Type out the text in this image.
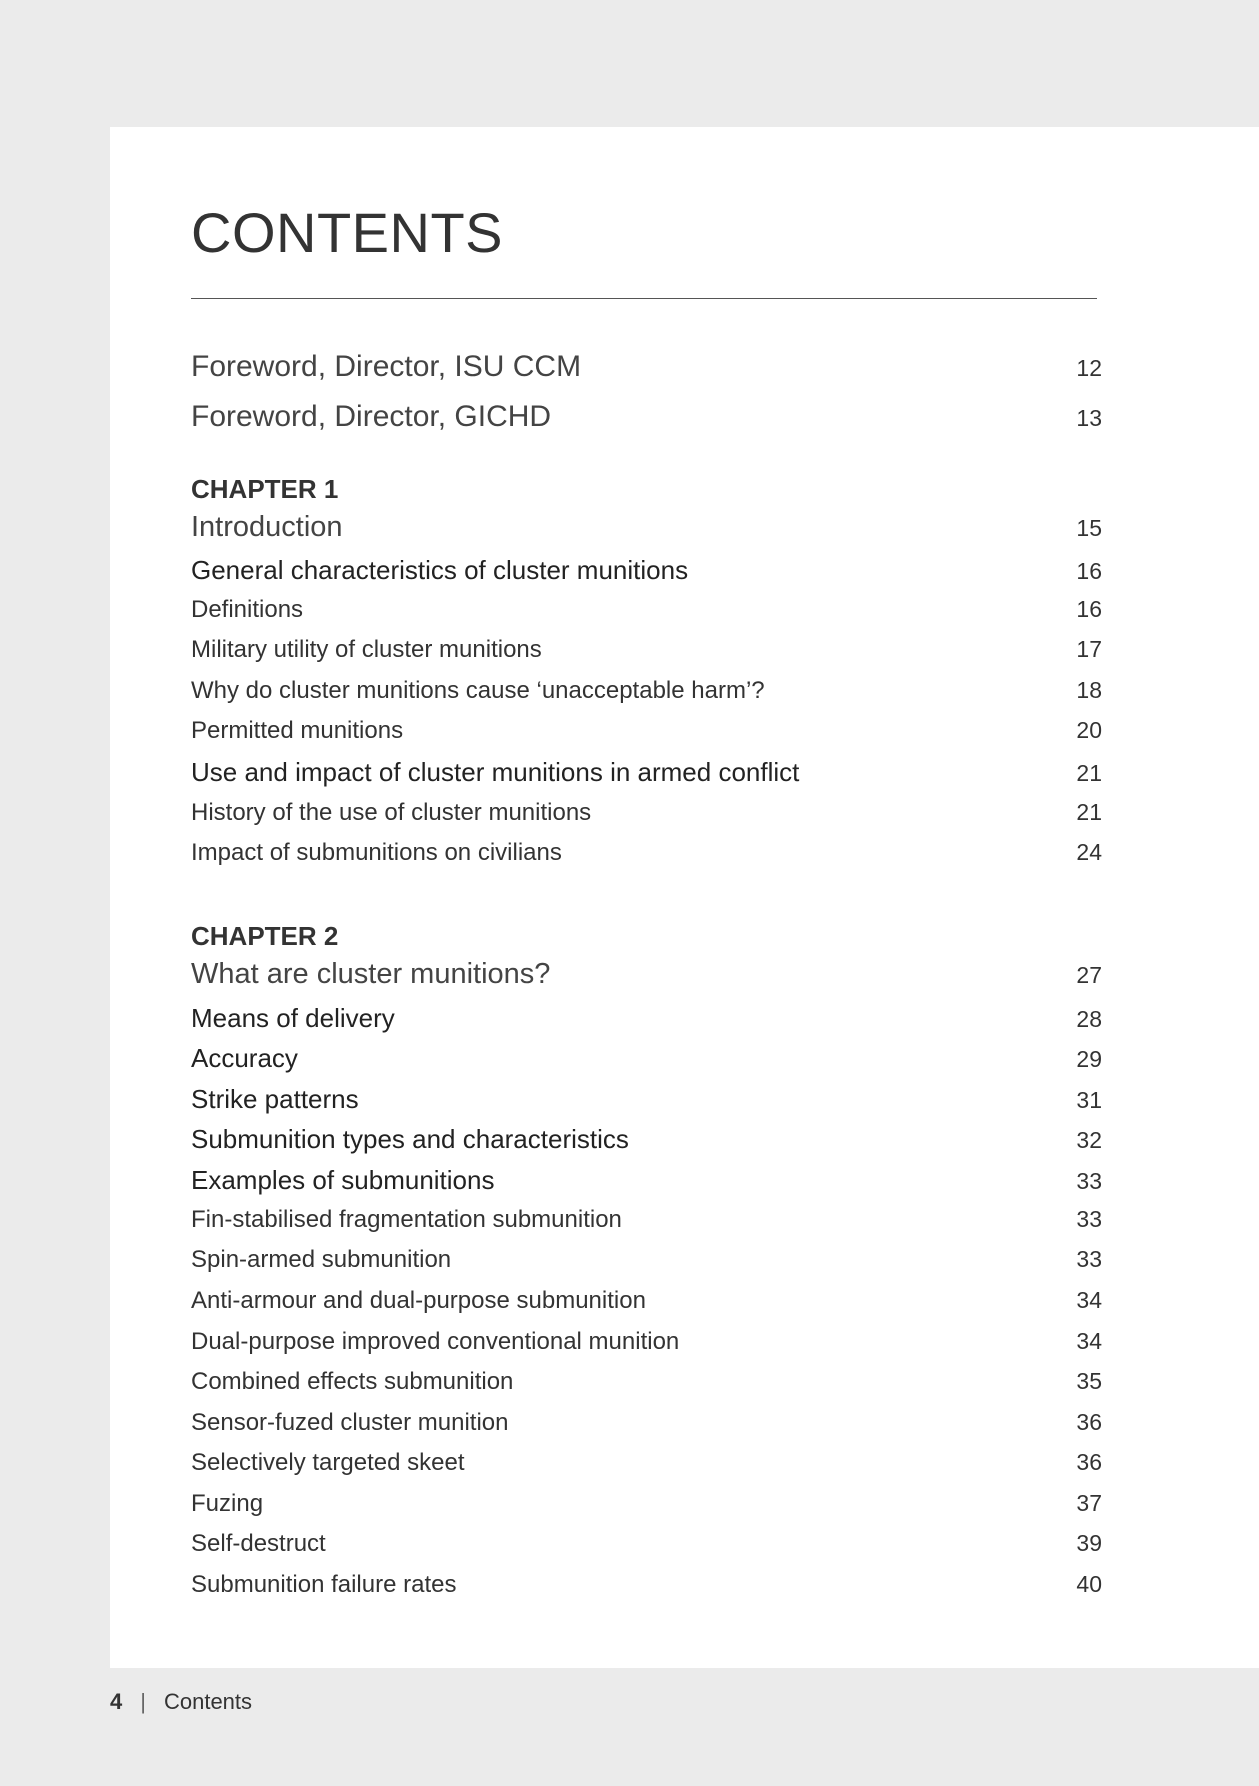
CONTENTS
Foreword, Director, ISU CCM	12
Foreword, Director, GICHD	13
CHAPTER 1
Introduction	15
General characteristics of cluster munitions	16
Definitions	16
Military utility of cluster munitions	17
Why do cluster munitions cause ‘unacceptable harm’?	18
Permitted munitions	20
Use and impact of cluster munitions in armed conflict	21
History of the use of cluster munitions	21
Impact of submunitions on civilians	24
CHAPTER 2
What are cluster munitions?	27
Means of delivery	28
Accuracy	29
Strike patterns	31
Submunition types and characteristics	32
Examples of submunitions	33
Fin-stabilised fragmentation submunition	33
Spin-armed submunition	33
Anti-armour and dual-purpose submunition	34
Dual-purpose improved conventional munition	34
Combined effects submunition	35
Sensor-fuzed cluster munition	36
Selectively targeted skeet	36
Fuzing	37
Self-destruct	39
Submunition failure rates	40
4 | Contents
